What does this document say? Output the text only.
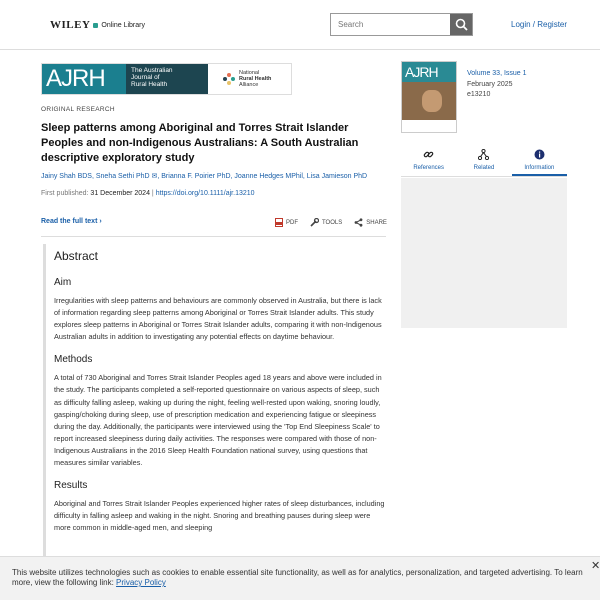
WILEY Online Library
Search	Login / Register
AJRH	The Australian
Journal of
Rural Health
National
Rural Health
Alliance
ORIGINAL RESEARCH
Sleep patterns among Aboriginal and Torres Strait Islander Peoples and non-Indigenous Australians: A South Australian descriptive exploratory study
Jainy Shah BDS, Sneha Sethi PhD ✉, Brianna F. Poirier PhD, Joanne Hedges MPhil, Lisa Jamieson PhD
First published: 31 December 2024 | https://doi.org/10.1111/ajr.13210
Read the full text ›	PDF	TOOLS	SHARE
Abstract
Aim

Irregularities with sleep patterns and behaviours are commonly observed in Australia, but there is lack of information regarding sleep patterns among Aboriginal or Torres Strait Islander adults. This study explores sleep patterns in Aboriginal or Torres Strait Islander adults, comparing it with non-Indigenous Australian adults in addition to investigating any potential effects on daytime behaviour.

Methods

A total of 730 Aboriginal and Torres Strait Islander Peoples aged 18 years and above were included in the study. The participants completed a self-reported questionnaire on various aspects of sleep, such as difficulty falling asleep, waking up during the night, feeling well-rested upon waking, snoring loudly, gasping/choking during sleep, use of prescription medication and experiencing fatigue or sleepiness during the day. Additionally, the participants were interviewed using the 'Top End Sleepiness Scale' to report increased sleepiness during daily activities. The responses were compared with those of non-Indigenous Australians in the 2016 Sleep Health Foundation national survey, using questions that measures similar variables.

Results

Aboriginal and Torres Strait Islander Peoples experienced higher rates of sleep disturbances, including difficulty in falling asleep and waking in the night. Snoring and breathing pauses during sleep were more common in middle-aged men, and sleeping

AJRH	Volume 33, Issue 1
February 2025
e13210
References	Related	Information
This website utilizes technologies such as cookies to enable essential site functionality, as well as for analytics, personalization, and targeted advertising. To learn more, view the following link: Privacy Policy
✕
